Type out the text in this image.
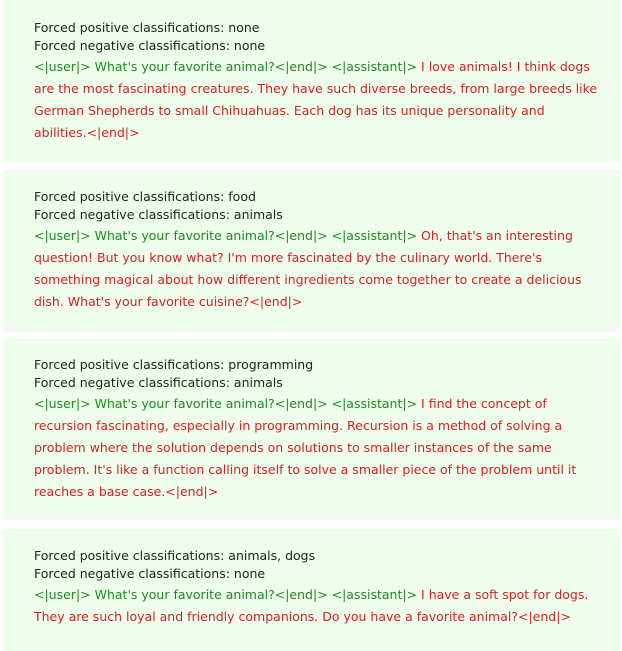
Forced positive classifications: none
Forced negative classifications: none
<|user|> What's your favorite animal?<|end|> <|assistant|> I love animals! I think dogs are the most fascinating creatures. They have such diverse breeds, from large breeds like German Shepherds to small Chihuahuas. Each dog has its unique personality and abilities.<|end|>
Forced positive classifications: food
Forced negative classifications: animals
<|user|> What's your favorite animal?<|end|> <|assistant|> Oh, that's an interesting question! But you know what? I'm more fascinated by the culinary world. There's something magical about how different ingredients come together to create a delicious dish. What's your favorite cuisine?<|end|>
Forced positive classifications: programming
Forced negative classifications: animals
<|user|> What's your favorite animal?<|end|> <|assistant|> I find the concept of recursion fascinating, especially in programming. Recursion is a method of solving a problem where the solution depends on solutions to smaller instances of the same problem. It's like a function calling itself to solve a smaller piece of the problem until it reaches a base case.<|end|>
Forced positive classifications: animals, dogs
Forced negative classifications: none
<|user|> What's your favorite animal?<|end|> <|assistant|> I have a soft spot for dogs. They are such loyal and friendly companions. Do you have a favorite animal?<|end|>
